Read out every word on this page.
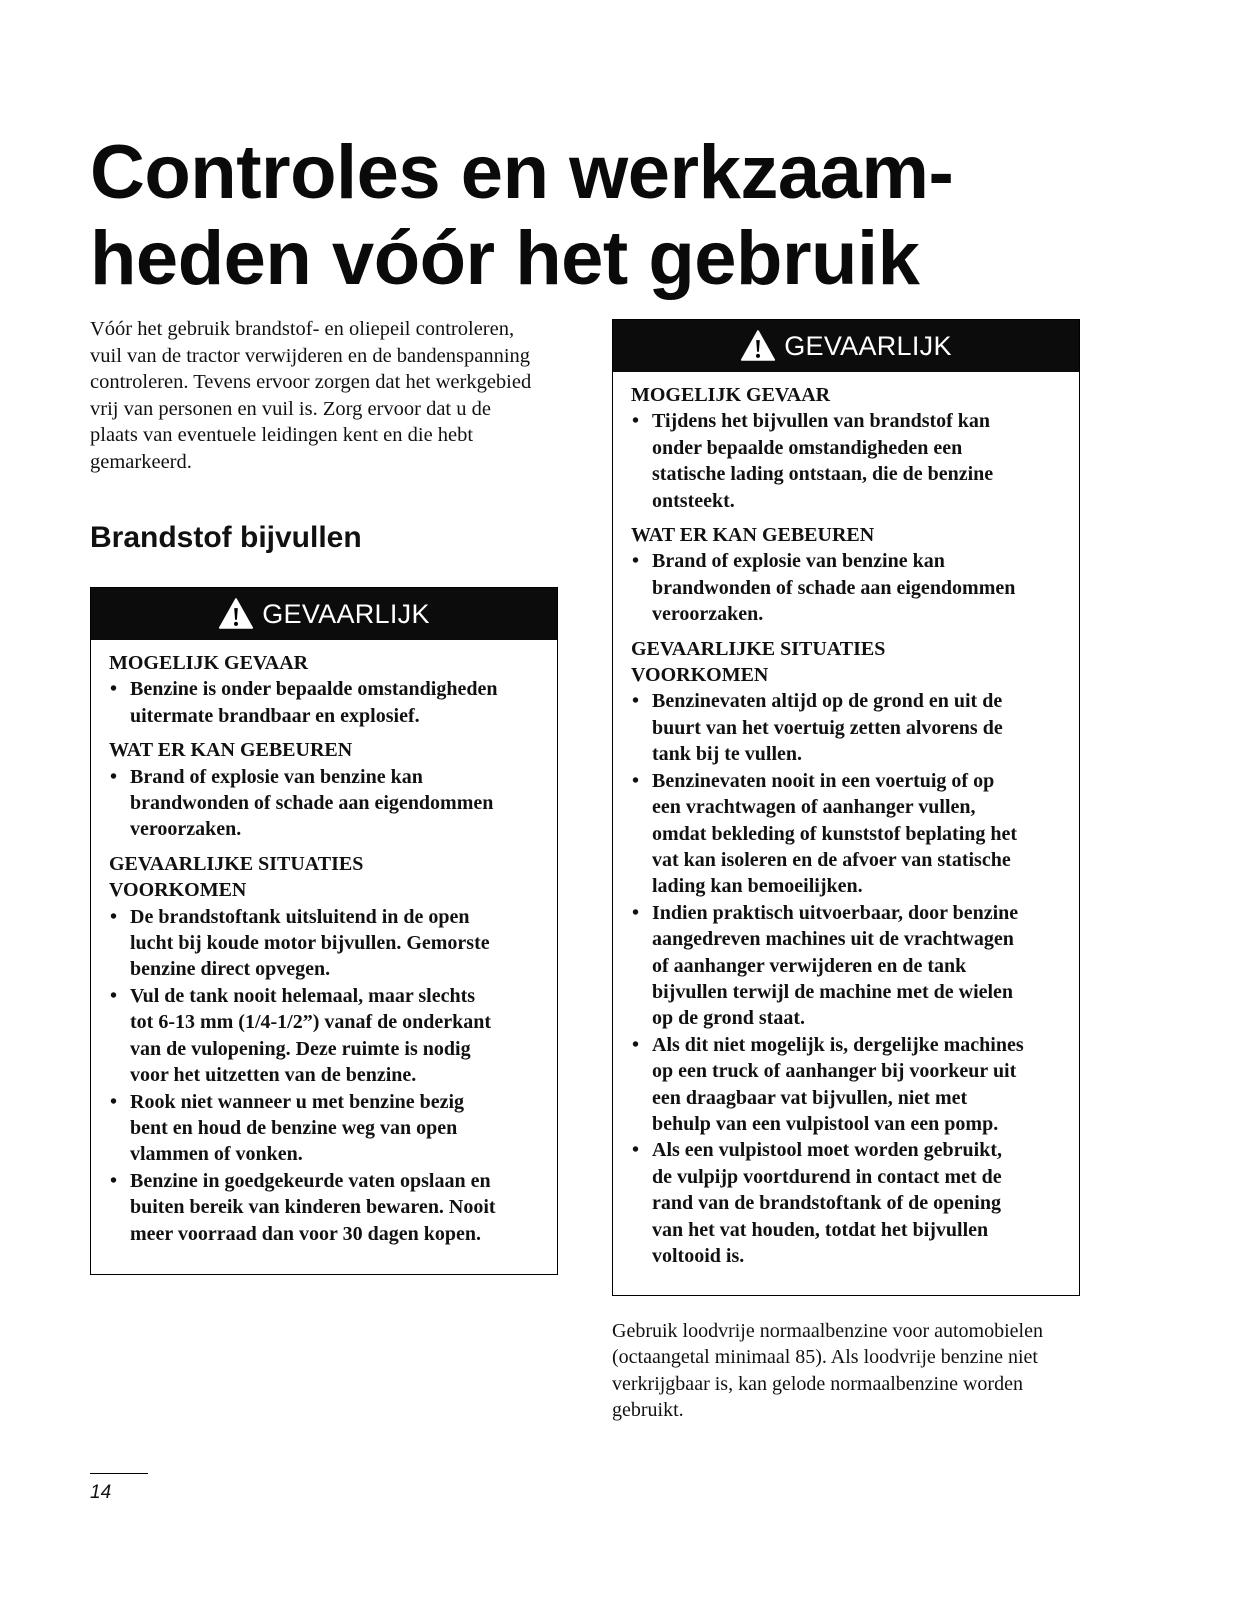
Controles en werkzaam-
heden vóór het gebruik
Vóór het gebruik brandstof- en oliepeil controleren,
vuil van de tractor verwijderen en de bandenspanning
controleren. Tevens ervoor zorgen dat het werkgebied
vrij van personen en vuil is. Zorg ervoor dat u de
plaats van eventuele leidingen kent en die hebt
gemarkeerd.
Brandstof bijvullen
GEVAARLIJK
MOGELIJK GEVAAR
• Benzine is onder bepaalde omstandigheden
uitermate brandbaar en explosief.
WAT ER KAN GEBEUREN
• Brand of explosie van benzine kan
brandwonden of schade aan eigendommen
veroorzaken.
GEVAARLIJKE SITUATIES
VOORKOMEN
• De brandstoftank uitsluitend in de open
lucht bij koude motor bijvullen. Gemorste
benzine direct opvegen.
• Vul de tank nooit helemaal, maar slechts
tot 6-13 mm (1/4-1/2”) vanaf de onderkant
van de vulopening. Deze ruimte is nodig
voor het uitzetten van de benzine.
• Rook niet wanneer u met benzine bezig
bent en houd de benzine weg van open
vlammen of vonken.
• Benzine in goedgekeurde vaten opslaan en
buiten bereik van kinderen bewaren. Nooit
meer voorraad dan voor 30 dagen kopen.
GEVAARLIJK
MOGELIJK GEVAAR
• Tijdens het bijvullen van brandstof kan
onder bepaalde omstandigheden een
statische lading ontstaan, die de benzine
ontsteekt.
WAT ER KAN GEBEUREN
• Brand of explosie van benzine kan
brandwonden of schade aan eigendommen
veroorzaken.
GEVAARLIJKE SITUATIES
VOORKOMEN
• Benzinevaten altijd op de grond en uit de
buurt van het voertuig zetten alvorens de
tank bij te vullen.
• Benzinevaten nooit in een voertuig of op
een vrachtwagen of aanhanger vullen,
omdat bekleding of kunststof beplating het
vat kan isoleren en de afvoer van statische
lading kan bemoeilijken.
• Indien praktisch uitvoerbaar, door benzine
aangedreven machines uit de vrachtwagen
of aanhanger verwijderen en de tank
bijvullen terwijl de machine met de wielen
op de grond staat.
• Als dit niet mogelijk is, dergelijke machines
op een truck of aanhanger bij voorkeur uit
een draagbaar vat bijvullen, niet met
behulp van een vulpistool van een pomp.
• Als een vulpistool moet worden gebruikt,
de vulpijp voortdurend in contact met de
rand van de brandstoftank of de opening
van het vat houden, totdat het bijvullen
voltooid is.
Gebruik loodvrije normaalbenzine voor automobielen
(octaangetal minimaal 85). Als loodvrije benzine niet
verkrijgbaar is, kan gelode normaalbenzine worden
gebruikt.
14
